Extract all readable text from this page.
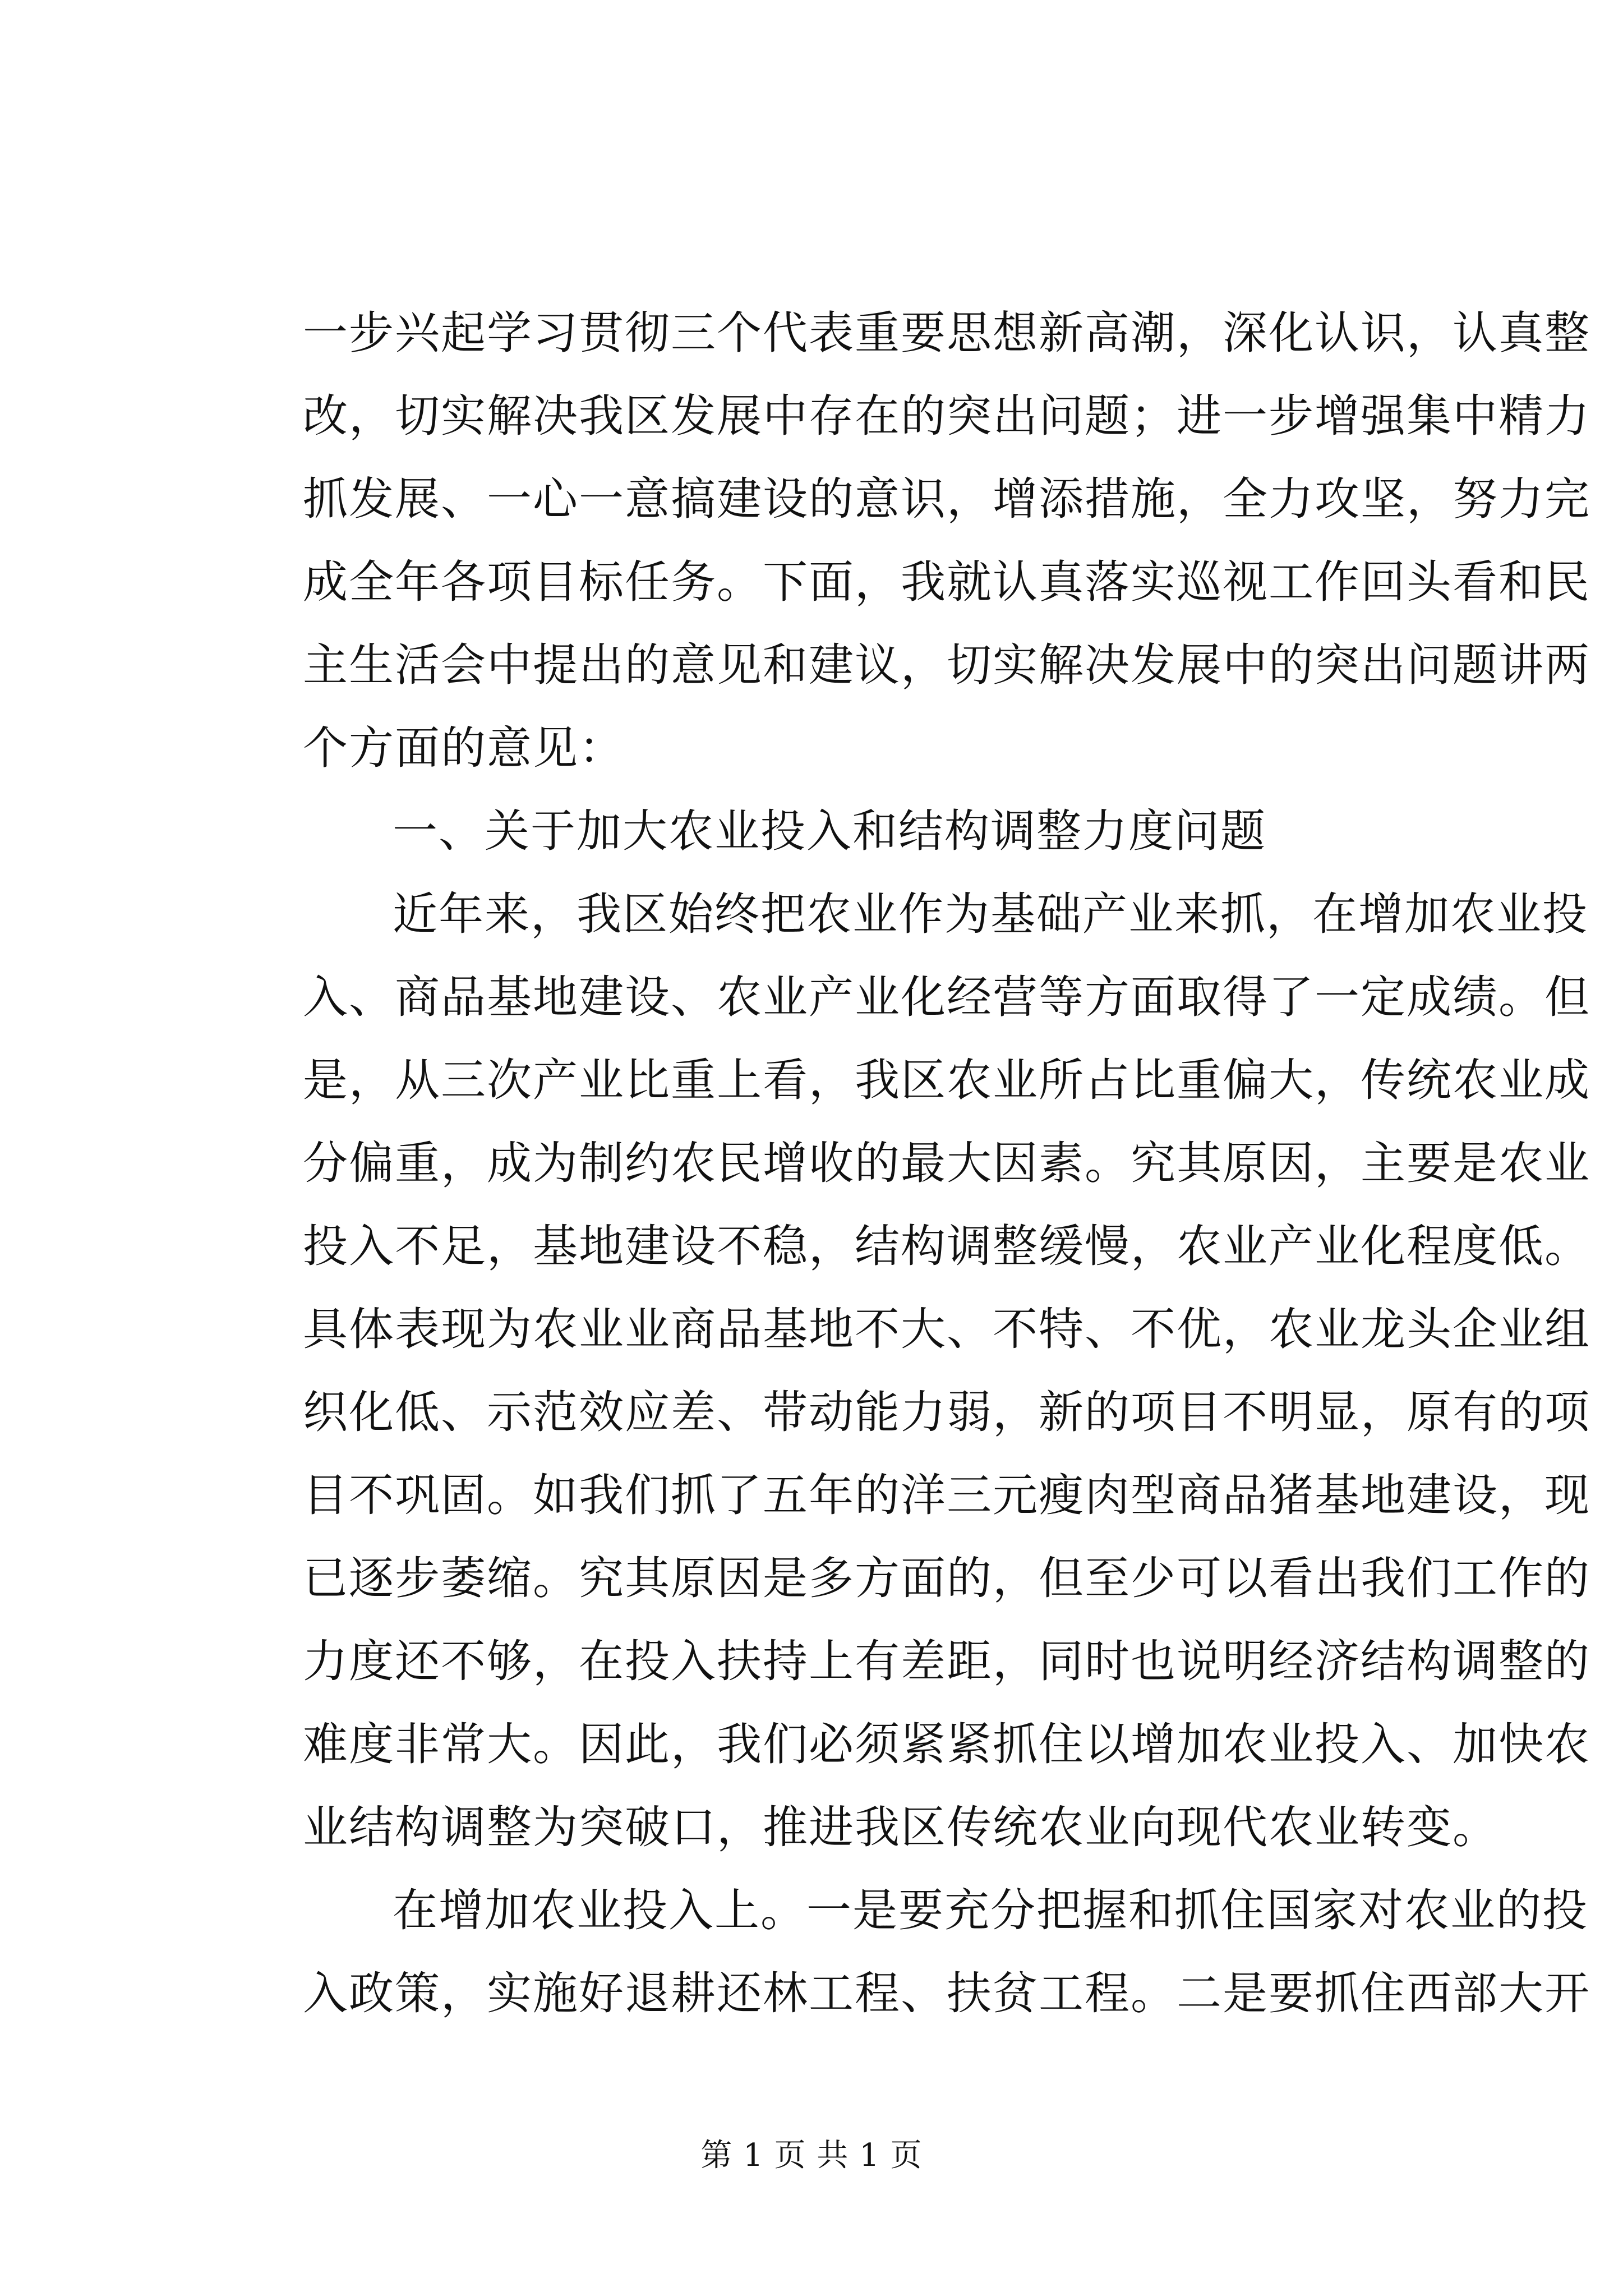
一步兴起学习贯彻三个代表重要思想新高潮，深化认识，认真整
改，切实解决我区发展中存在的突出问题；进一步增强集中精力
抓发展、一心一意搞建设的意识，增添措施，全力攻坚，努力完
成全年各项目标任务。下面，我就认真落实巡视工作回头看和民
主生活会中提出的意见和建议，切实解决发展中的突出问题讲两
个方面的意见：
一、关于加大农业投入和结构调整力度问题
近年来，我区始终把农业作为基础产业来抓，在增加农业投
入、商品基地建设、农业产业化经营等方面取得了一定成绩。但
是，从三次产业比重上看，我区农业所占比重偏大，传统农业成
分偏重，成为制约农民增收的最大因素。究其原因，主要是农业
投入不足，基地建设不稳，结构调整缓慢，农业产业化程度低。
具体表现为农业业商品基地不大、不特、不优，农业龙头企业组
织化低、示范效应差、带动能力弱，新的项目不明显，原有的项
目不巩固。如我们抓了五年的洋三元瘦肉型商品猪基地建设，现
已逐步萎缩。究其原因是多方面的，但至少可以看出我们工作的
力度还不够，在投入扶持上有差距，同时也说明经济结构调整的
难度非常大。因此，我们必须紧紧抓住以增加农业投入、加快农
业结构调整为突破口，推进我区传统农业向现代农业转变。
在增加农业投入上。一是要充分把握和抓住国家对农业的投
入政策，实施好退耕还林工程、扶贫工程。二是要抓住西部大开
第 1 页 共 1 页
